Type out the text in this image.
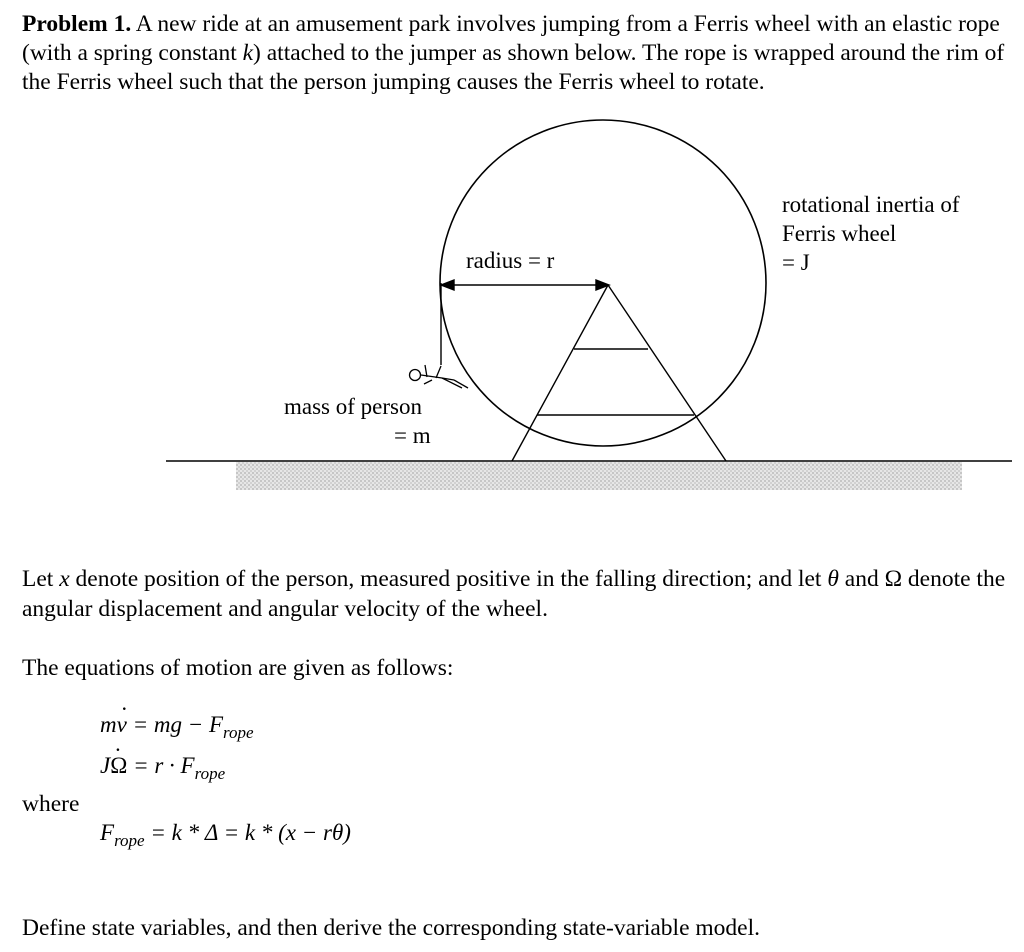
Problem 1. A new ride at an amusement park involves jumping from a Ferris wheel with an elastic rope (with a spring constant k) attached to the jumper as shown below. The rope is wrapped around the rim of the Ferris wheel such that the person jumping causes the Ferris wheel to rotate.

radius = r
rotational inertia of
Ferris wheel
= J
mass of person
= m

Let x denote position of the person, measured positive in the falling direction; and let θ and Ω denote the angular displacement and angular velocity of the wheel.

The equations of motion are given as follows:

mv · = mg − $F_{rope}$
JΩ · = $r \cdot F_{rope}$
where
$F_{rope} = k * \Delta = k * (x - r\theta)$

Define state variables, and then derive the corresponding state-variable model.
